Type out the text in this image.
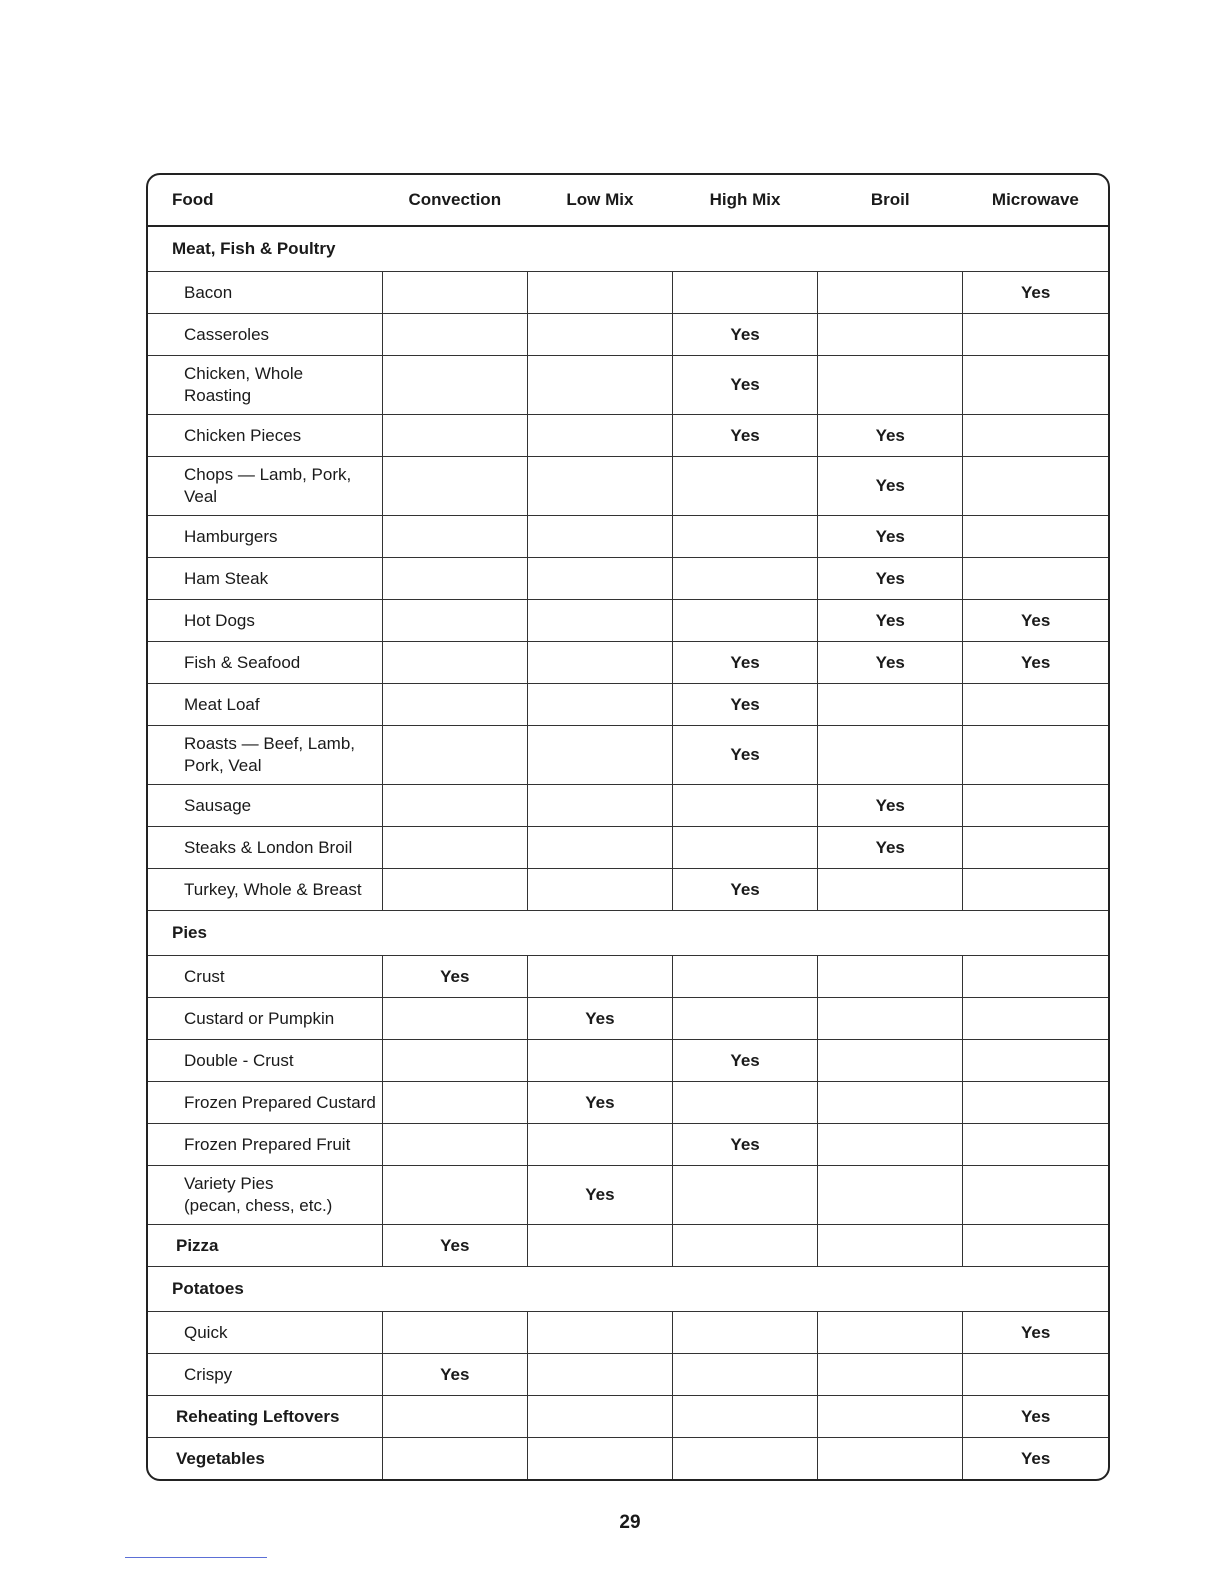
Food	Convection	Low Mix	High Mix	Broil	Microwave
Meat, Fish & Poultry					
Bacon					Yes
Casseroles			Yes		
Chicken, Whole
Roasting			Yes		
Chicken Pieces			Yes	Yes	
Chops — Lamb, Pork,
Veal				Yes	
Hamburgers				Yes	
Ham Steak				Yes	
Hot Dogs				Yes	Yes
Fish & Seafood			Yes	Yes	Yes
Meat Loaf			Yes		
Roasts — Beef, Lamb,
Pork, Veal			Yes		
Sausage				Yes	
Steaks & London Broil				Yes	
Turkey, Whole & Breast			Yes		
Pies					
Crust	Yes				
Custard or Pumpkin		Yes			
Double - Crust			Yes		
Frozen Prepared Custard		Yes			
Frozen Prepared Fruit			Yes		
Variety Pies
(pecan, chess, etc.)		Yes			
Pizza	Yes				
Potatoes					
Quick					Yes
Crispy	Yes				
Reheating Leftovers					Yes
Vegetables					Yes
29
